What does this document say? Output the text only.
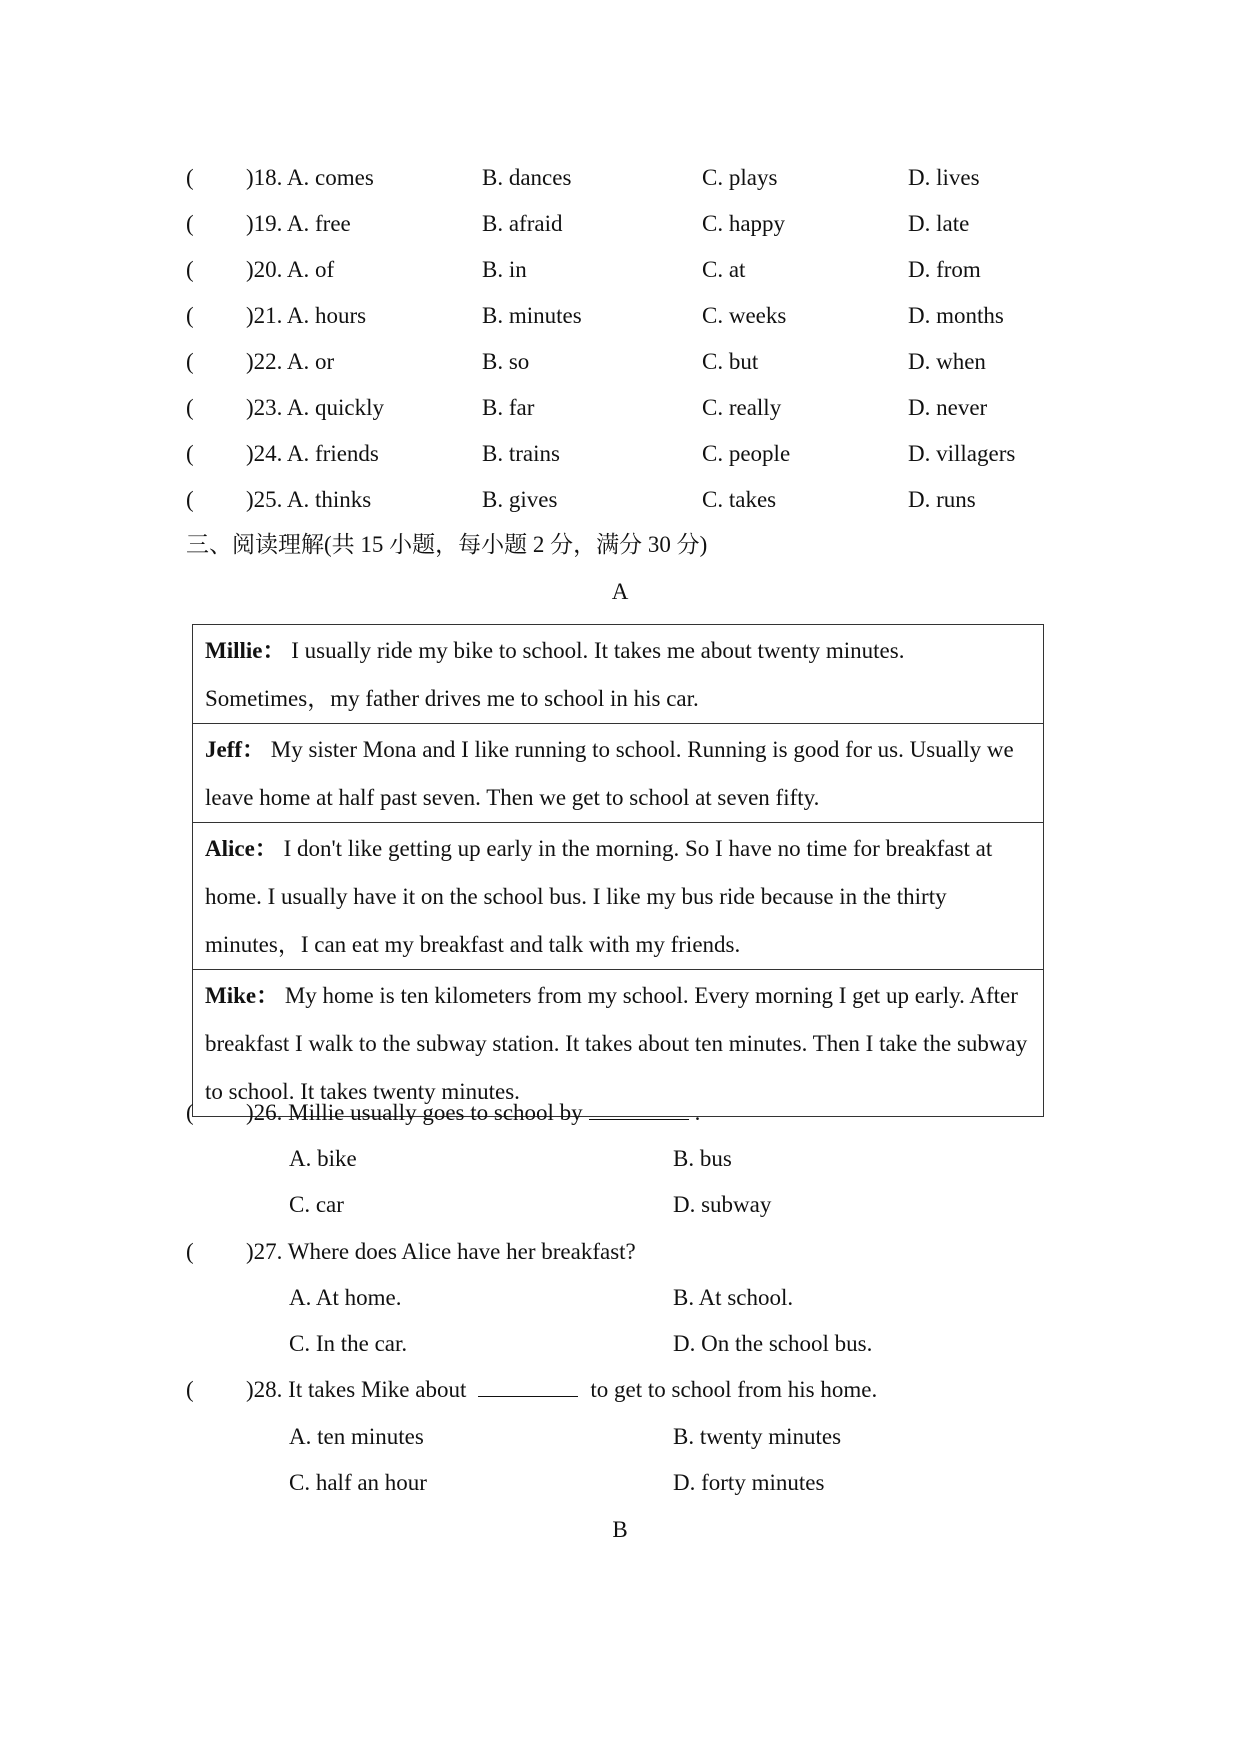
( )18. A. comes	B. dances	C. plays	D. lives
( )19. A. free	B. afraid	C. happy	D. late
( )20. A. of	B. in	C. at	D. from
( )21. A. hours	B. minutes	C. weeks	D. months
( )22. A. or	B. so	C. but	D. when
( )23. A. quickly	B. far	C. really	D. never
( )24. A. friends	B. trains	C. people	D. villagers
( )25. A. thinks	B. gives	C. takes	D. runs
三、阅读理解(共 15 小题，每小题 2 分，满分 30 分)
A
Millie： I usually ride my bike to school. It takes me about twenty minutes. Sometimes，my father drives me to school in his car.
Jeff： My sister Mona and I like running to school. Running is good for us. Usually we leave home at half past seven. Then we get to school at seven fifty.
Alice： I don't like getting up early in the morning. So I have no time for breakfast at home. I usually have it on the school bus. I like my bus ride because in the thirty minutes，I can eat my breakfast and talk with my friends.
Mike： My home is ten kilometers from my school. Every morning I get up early. After breakfast I walk to the subway station. It takes about ten minutes. Then I take the subway to school. It takes twenty minutes.
( )26. Millie usually goes to school by	.
A. bike	B. bus
C. car	D. subway
( )27. Where does Alice have her breakfast?
A. At home.	B. At school.
C. In the car.	D. On the school bus.
( )28. It takes Mike about	to get to school from his home.
A. ten minutes	B. twenty minutes
C. half an hour	D. forty minutes
B
